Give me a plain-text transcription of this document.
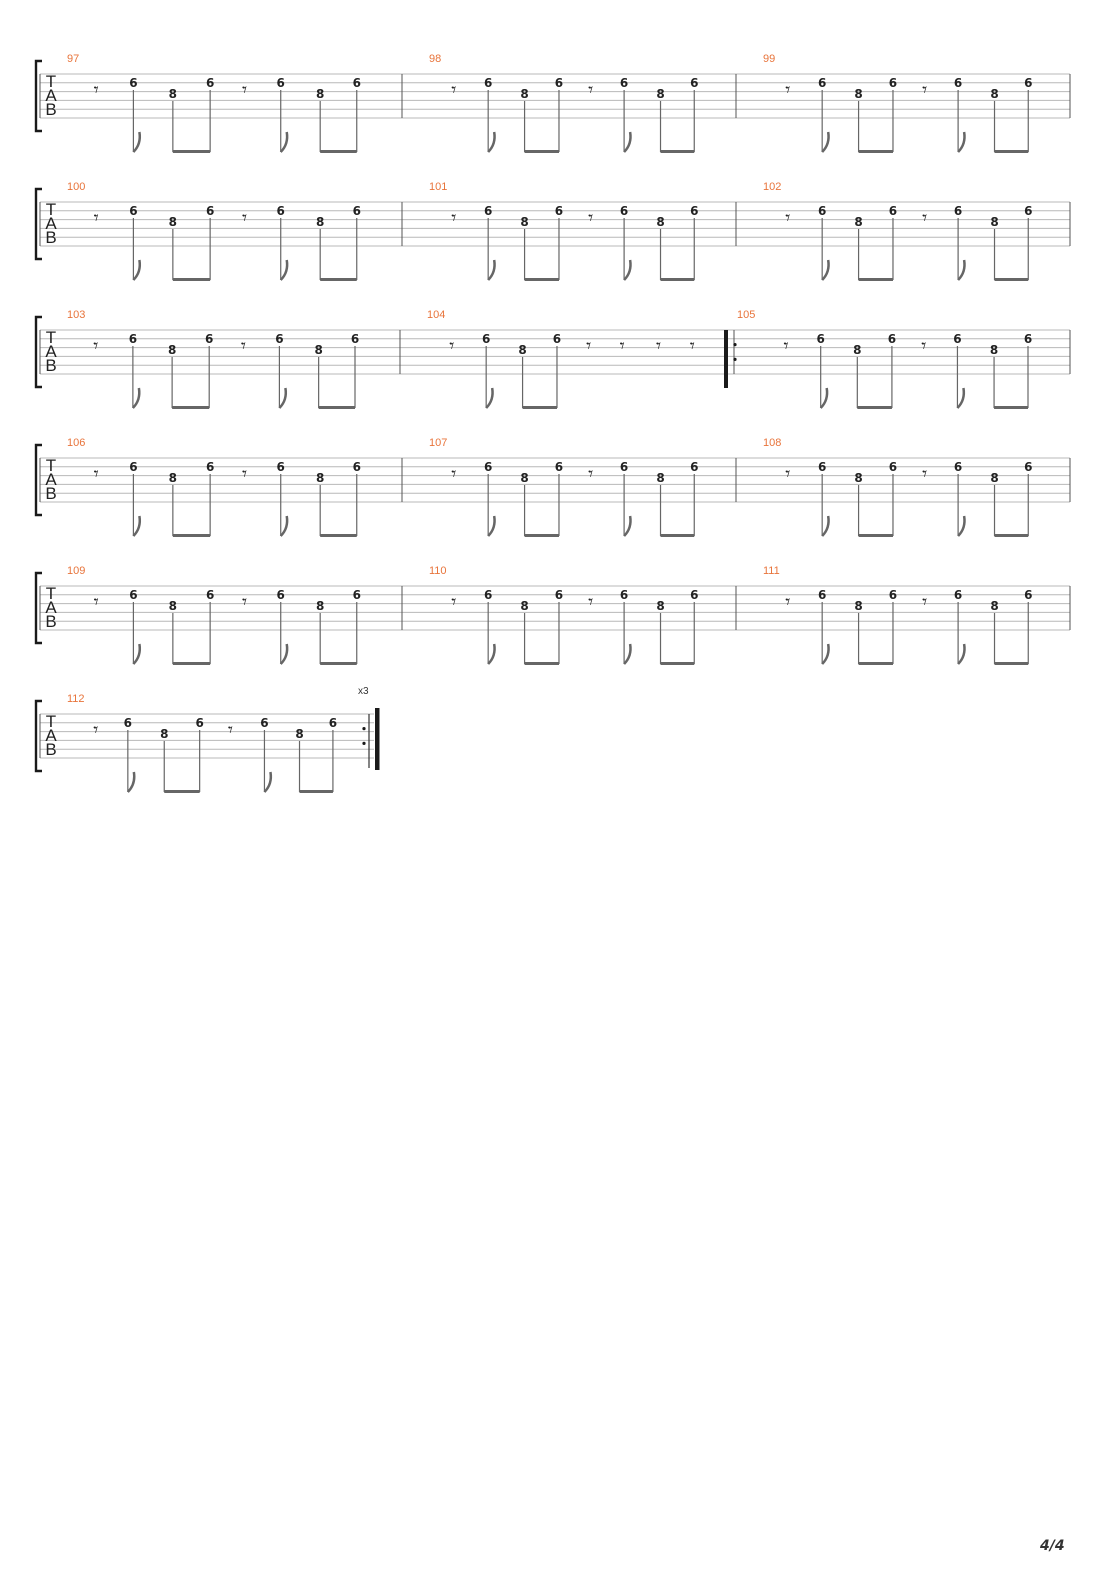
T
A
B
97
𝄾	6
8
6 𝄾 6
8
6
98
𝄾 6
8
6 𝄾 6
8
6
99
𝄾 6
8
6 𝄾 6
8
6
T
A
B
100
𝄾	6
8
6 𝄾 6
8
6
101
𝄾 6
8
6 𝄾 6
8
6
102
𝄾 6
8
6 𝄾 6
8
6
T
A
B
103
𝄾	6
8
6 𝄾 6
8
6
104
𝄾 6
8
6 𝄾 𝄾 𝄾 𝄾
105
𝄾 6
8
6 𝄾 6
8
6
T
A
B
106
𝄾	6
8
6 𝄾 6
8
6
107
𝄾 6
8
6 𝄾 6
8
6
108
𝄾 6
8
6 𝄾 6
8
6
T
A
B
109
𝄾	6
8
6 𝄾 6
8
6
110
𝄾 6
8
6 𝄾 6
8
6
111
𝄾 6
8
6 𝄾 6
8
6
T
A
B
112
x3
𝄾 6
8
6 𝄾 6
8
6
4/4
